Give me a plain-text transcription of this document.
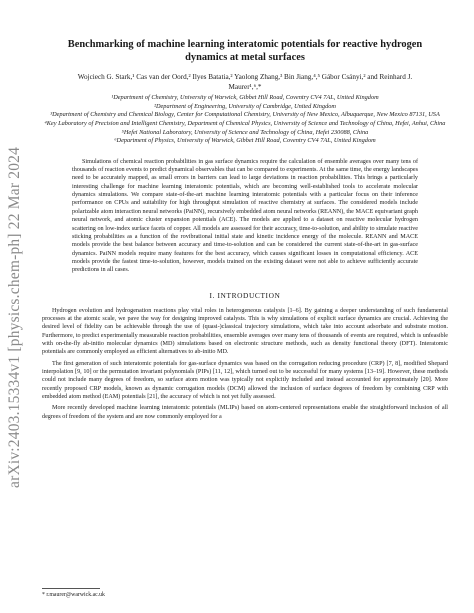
arXiv:2403.15334v1 [physics.chem-ph] 22 Mar 2024
Benchmarking of machine learning interatomic potentials for reactive hydrogen dynamics at metal surfaces
Wojciech G. Stark,¹ Cas van der Oord,² Ilyes Batatia,² Yaolong Zhang,³ Bin Jiang,⁴,⁵ Gábor Csányi,² and Reinhard J. Maurer¹,⁶,*
¹Department of Chemistry, University of Warwick, Gibbet Hill Road, Coventry CV4 7AL, United Kingdom
²Department of Engineering, University of Cambridge, United Kingdom
³Department of Chemistry and Chemical Biology, Center for Computational Chemistry, University of New Mexico, Albuquerque, New Mexico 87131, USA
⁴Key Laboratory of Precision and Intelligent Chemistry, Department of Chemical Physics, University of Science and Technology of China, Hefei, Anhui, China
⁵Hefei National Laboratory, University of Science and Technology of China, Hefei 230088, China
⁶Department of Physics, University of Warwick, Gibbet Hill Road, Coventry CV4 7AL, United Kingdom
Simulations of chemical reaction probabilities in gas surface dynamics require the calculation of ensemble averages over many tens of thousands of reaction events to predict dynamical observables that can be compared to experiments. At the same time, the energy landscapes need to be accurately mapped, as small errors in barriers can lead to large deviations in reaction probabilities. This brings a particularly interesting challenge for machine learning interatomic potentials, which are becoming well-established tools to accelerate molecular dynamics simulations. We compare state-of-the-art machine learning interatomic potentials with a particular focus on their inference performance on CPUs and suitability for high throughput simulation of reactive chemistry at surfaces. The considered models include polarizable atom interaction neural networks (PaiNN), recursively embedded atom neural networks (REANN), the MACE equivariant graph neural network, and atomic cluster expansion potentials (ACE). The models are applied to a dataset on reactive molecular hydrogen scattering on low-index surface facets of copper. All models are assessed for their accuracy, time-to-solution, and ability to simulate reactive sticking probabilities as a function of the rovibrational initial state and kinetic incidence energy of the molecule. REANN and MACE models provide the best balance between accuracy and time-to-solution and can be considered the current state-of-the-art in gas-surface dynamics. PaiNN models require many features for the best accuracy, which causes significant losses in computational efficiency. ACE models provide the fastest time-to-solution, however, models trained on the existing dataset were not able to achieve sufficiently accurate predictions in all cases.
I. INTRODUCTION

Hydrogen evolution and hydrogenation reactions play vital roles in heterogeneous catalysis [1–6]. By gaining a deeper understanding of such fundamental processes at the atomic scale, we pave the way for designing improved catalysts. This is why simulations of explicit surface dynamics are crucial. Achieving the desired level of fidelity can be achievable through the use of (quasi-)classical trajectory simulations, which take into account adsorbate and substrate motion. Furthermore, to predict experimentally measurable reaction probabilities, ensemble averages over many tens of thousands of events are required, which is unfeasible with on-the-fly ab-initio molecular dynamics (MD) simulations based on electronic structure methods, such as density functional theory (DFT). Interatomic potentials are commonly employed as efficient alternatives to ab-initio MD.

The first generation of such interatomic potentials for gas-surface dynamics was based on the corrugation reducing procedure (CRP) [7, 8], modified Shepard interpolation [9, 10] or the permutation invariant polynomials (PIPs) [11, 12], which turned out to be successful for many systems [13–19]. However, these methods could not include many degrees of freedom, so surface atom motion was typically not explicitly included and instead accounted for approximately [20]. More recently proposed CRP models, known as dynamic corrugation models (DCM) allowed the inclusion of surface degrees of freedom by combining CRP with embedded atom method (EAM) potentials [21], the accuracy of which is not yet fully assessed.

More recently developed machine learning interatomic potentials (MLIPs) based on atom-centered representations enable the straightforward inclusion of all degrees of freedom of the system and are now commonly employed for a

* r.maurer@warwick.ac.uk
